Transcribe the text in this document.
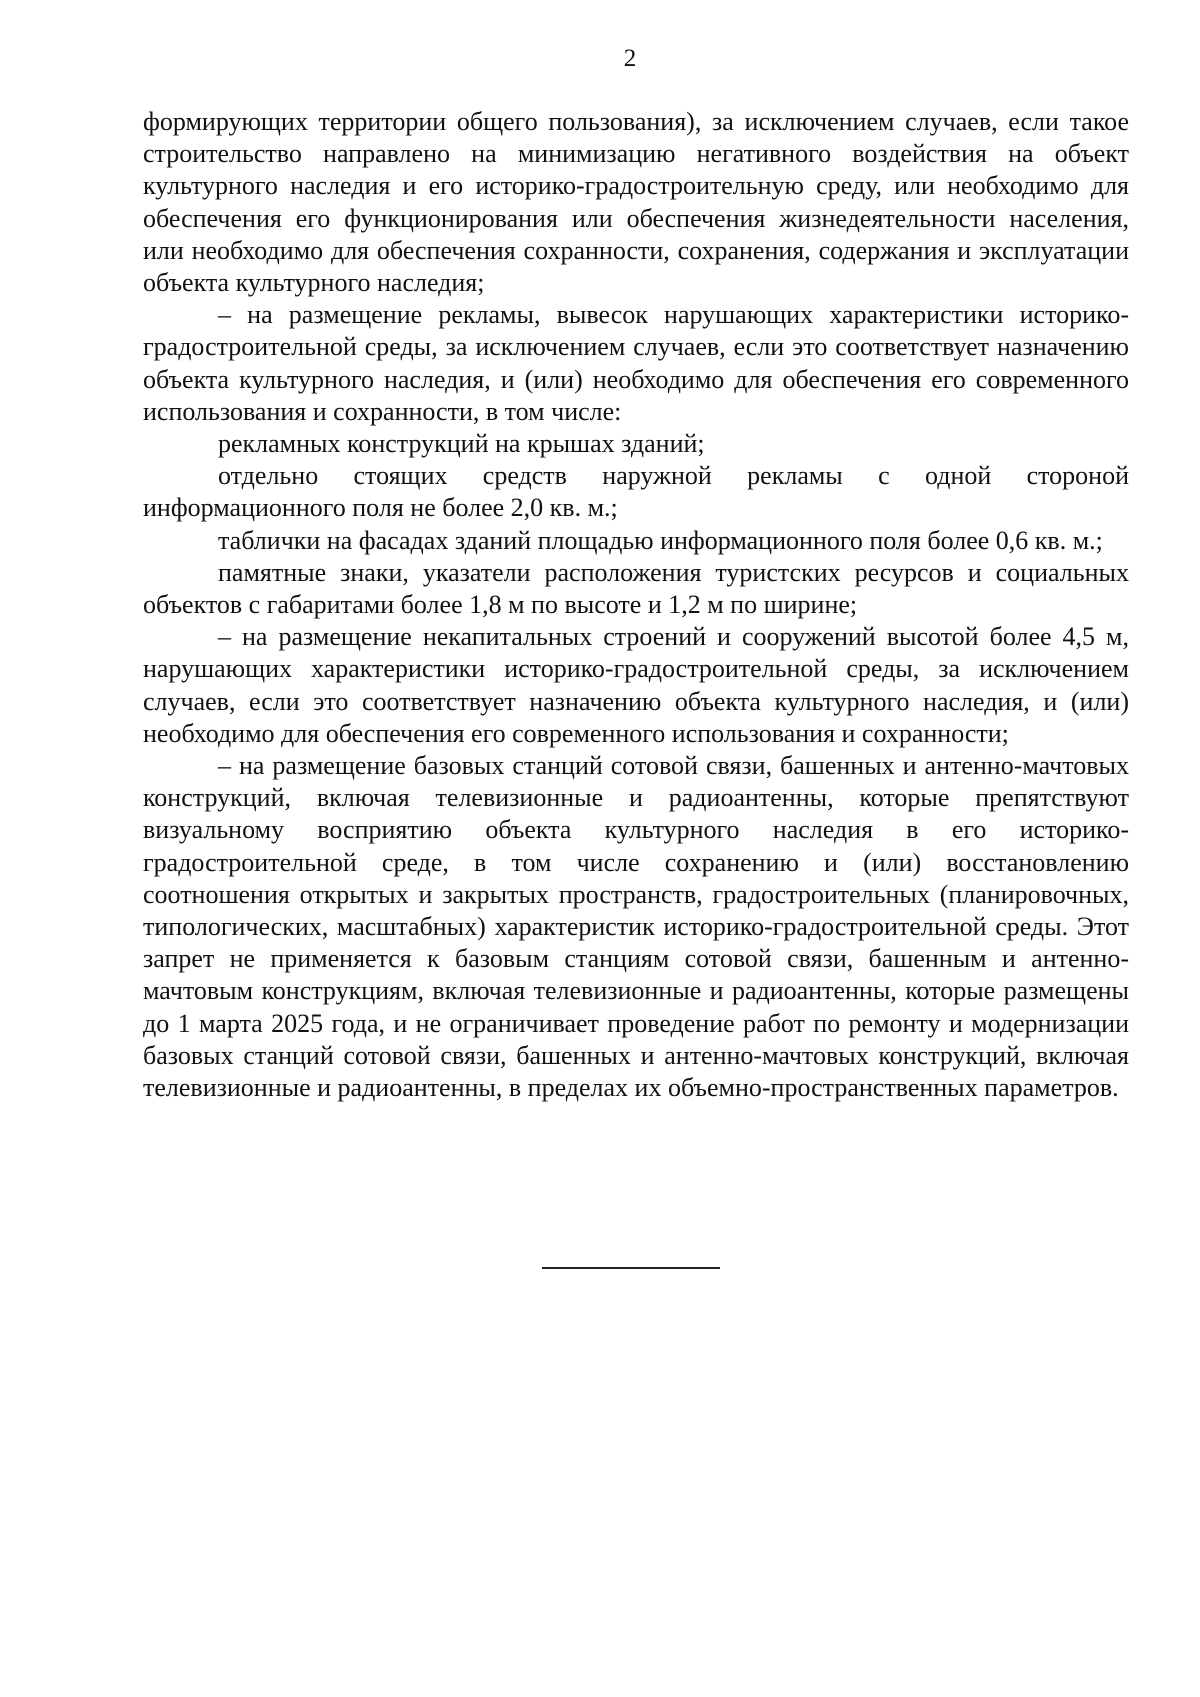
2

формирующих территории общего пользования), за исключением случаев, если такое строительство направлено на минимизацию негативного воздействия на объект культурного наследия и его историко-градостроительную среду, или необходимо для обеспечения его функционирования или обеспечения жизнедеятельности населения, или необходимо для обеспечения сохранности, сохранения, содержания и эксплуатации объекта культурного наследия;

– на размещение рекламы, вывесок нарушающих характеристики историко-градостроительной среды, за исключением случаев, если это соответствует назначению объекта культурного наследия, и (или) необходимо для обеспечения его современного использования и сохранности, в том числе:

рекламных конструкций на крышах зданий;

отдельно стоящих средств наружной рекламы с одной стороной информационного поля не более 2,0 кв. м.;

таблички на фасадах зданий площадью информационного поля более 0,6 кв. м.;

памятные знаки, указатели расположения туристских ресурсов и социальных объектов с габаритами более 1,8 м по высоте и 1,2 м по ширине;

– на размещение некапитальных строений и сооружений высотой более 4,5 м, нарушающих характеристики историко-градостроительной среды, за исключением случаев, если это соответствует назначению объекта культурного наследия, и (или) необходимо для обеспечения его современного использования и сохранности;

– на размещение базовых станций сотовой связи, башенных и антенно-мачтовых конструкций, включая телевизионные и радиоантенны, которые препятствуют визуальному восприятию объекта культурного наследия в его историко-градостроительной среде, в том числе сохранению и (или) восстановлению соотношения открытых и закрытых пространств, градостроительных (планировочных, типологических, масштабных) характеристик историко-градостроительной среды. Этот запрет не применяется к базовым станциям сотовой связи, башенным и антенно-мачтовым конструкциям, включая телевизионные и радиоантенны, которые размещены до 1 марта 2025 года, и не ограничивает проведение работ по ремонту и модернизации базовых станций сотовой связи, башенных и антенно-мачтовых конструкций, включая телевизионные и радиоантенны, в пределах их объемно-пространственных параметров.
